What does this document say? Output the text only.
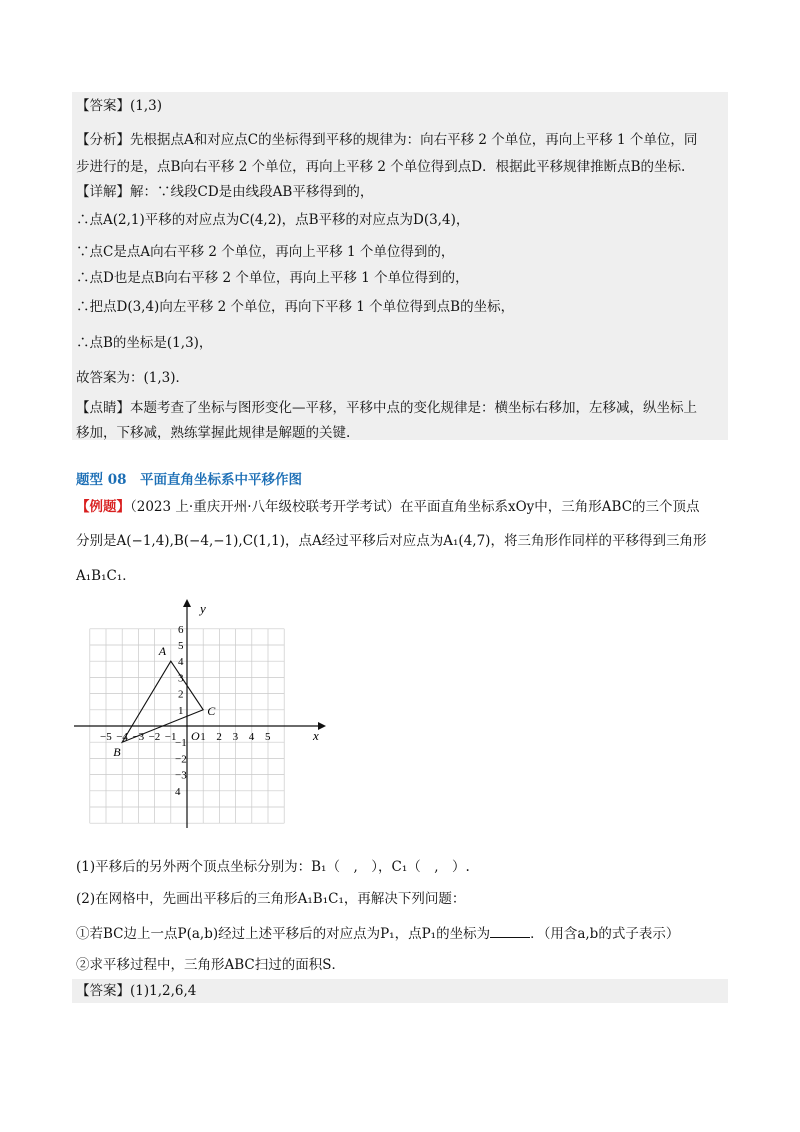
【答案】(1,3)
【分析】先根据点A和对应点C的坐标得到平移的规律为：向右平移 2 个单位，再向上平移 1 个单位，同
步进行的是，点B向右平移 2 个单位，再向上平移 2 个单位得到点D．根据此平移规律推断点B的坐标.
【详解】解：∵线段CD是由线段AB平移得到的，
∴点A(2,1)平移的对应点为C(4,2)，点B平移的对应点为D(3,4)，
∵点C是点A向右平移 2 个单位，再向上平移 1 个单位得到的，
∴点D也是点B向右平移 2 个单位，再向上平移 1 个单位得到的，
∴把点D(3,4)向左平移 2 个单位，再向下平移 1 个单位得到点B的坐标，
∴点B的坐标是(1,3)，
故答案为：(1,3)．
【点睛】本题考查了坐标与图形变化—平移，平移中点的变化规律是：横坐标右移加，左移减，纵坐标上
移加，下移减，熟练掌握此规律是解题的关键.
题型 08　平面直角坐标系中平移作图
【例题】（2023 上·重庆开州·八年级校联考开学考试）在平面直角坐标系xOy中，三角形ABC的三个顶点
分别是A(−1,4),B(−4,−1),C(1,1)，点A经过平移后对应点为A₁(4,7)，将三角形作同样的平移得到三角形
A₁B₁C₁．
x
y
O
−5 −4 −3 −2 −1 1 2 3 4 5
6
5
4
3
2
1
−1
−2
−3
4
A
B
C
(1)平移后的另外两个顶点坐标分别为：B₁（　,　），C₁（　,　）.
(2)在网格中，先画出平移后的三角形A₁B₁C₁，再解决下列问题：
①若BC边上一点P(a,b)经过上述平移后的对应点为P₁，点P₁的坐标为	．（用含a,b的式子表示）
②求平移过程中，三角形ABC扫过的面积S．
【答案】(1)1,2,6,4
